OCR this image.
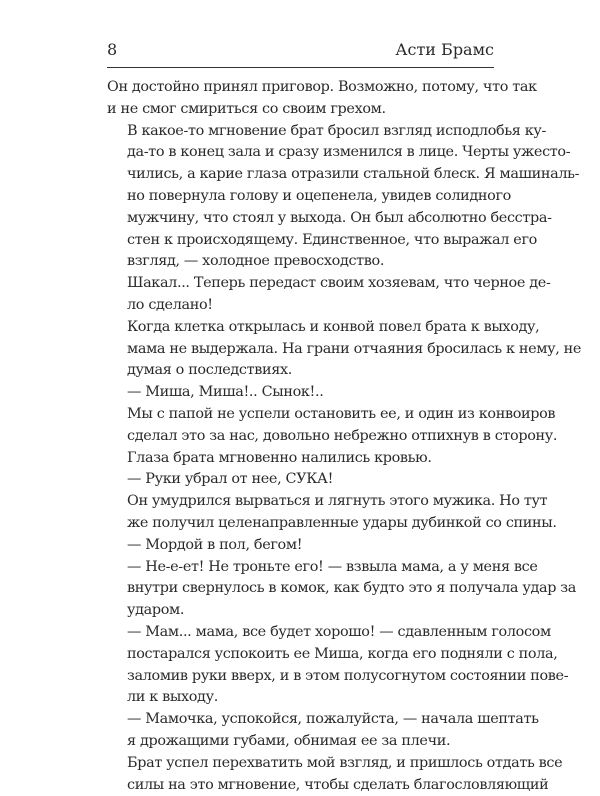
8	Асти Брамс

Он достойно принял приговор. Возможно, потому, что так
и не смог смириться со своим грехом.

В какое-то мгновение брат бросил взгляд исподлобья ку-
да-то в конец зала и сразу изменился в лице. Черты ужесто-
чились, а карие глаза отразили стальной блеск. Я машиналь-
но повернула голову и оцепенела, увидев солидного
мужчину, что стоял у выхода. Он был абсолютно бесстра-
стен к происходящему. Единственное, что выражал его
взгляд, — холодное превосходство.

Шакал... Теперь передаст своим хозяевам, что черное де-
ло сделано!

Когда клетка открылась и конвой повел брата к выходу,
мама не выдержала. На грани отчаяния бросилась к нему, не
думая о последствиях.

— Миша, Миша!.. Сынок!..

Мы с папой не успели остановить ее, и один из конвоиров
сделал это за нас, довольно небрежно отпихнув в сторону.
Глаза брата мгновенно налились кровью.

— Руки убрал от нее, СУКА!

Он умудрился вырваться и лягнуть этого мужика. Но тут
же получил целенаправленные удары дубинкой со спины.

— Мордой в пол, бегом!

— Не-е-ет! Не троньте его! — взвыла мама, а у меня все
внутри свернулось в комок, как будто это я получала удар за
ударом.

— Мам... мама, все будет хорошо! — сдавленным голосом
постарался успокоить ее Миша, когда его подняли с пола,
заломив руки вверх, и в этом полусогнутом состоянии пове-
ли к выходу.

— Мамочка, успокойся, пожалуйста, — начала шептать
я дрожащими губами, обнимая ее за плечи.

Брат успел перехватить мой взгляд, и пришлось отдать все
силы на это мгновение, чтобы сделать благословляющий
